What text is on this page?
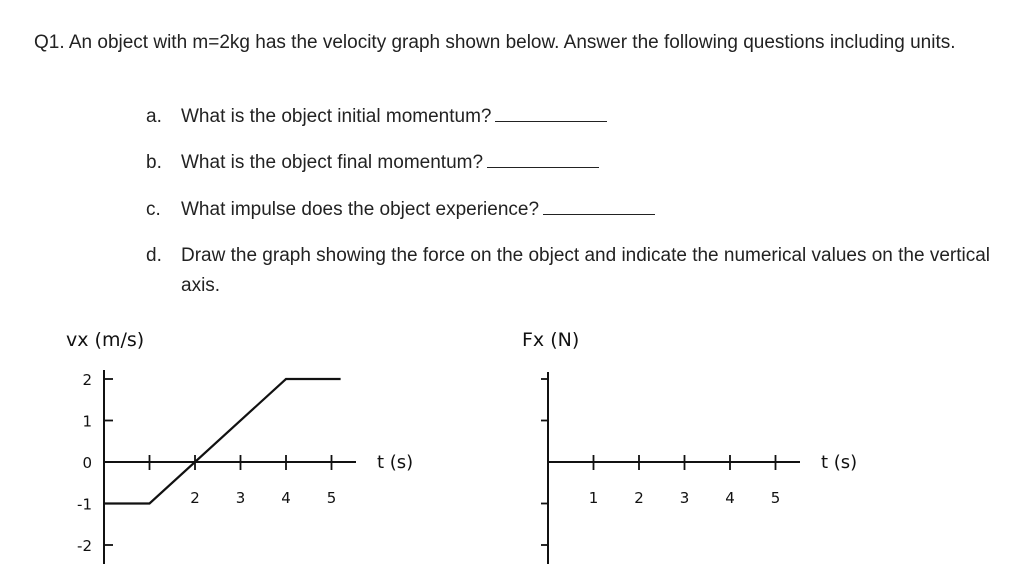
Q1. An object with m=2kg has the velocity graph shown below. Answer the following questions including units.
a.	What is the object initial momentum?
b.	What is the object final momentum?
c.	What impulse does the object experience?
d.	Draw the graph showing the force on the object and indicate the numerical values on the vertical axis.
vx (m/s)
2
1
0
-1
-2
2 3 4 5
t (s)
Fx (N)
1 2 3 4 5
t (s)
